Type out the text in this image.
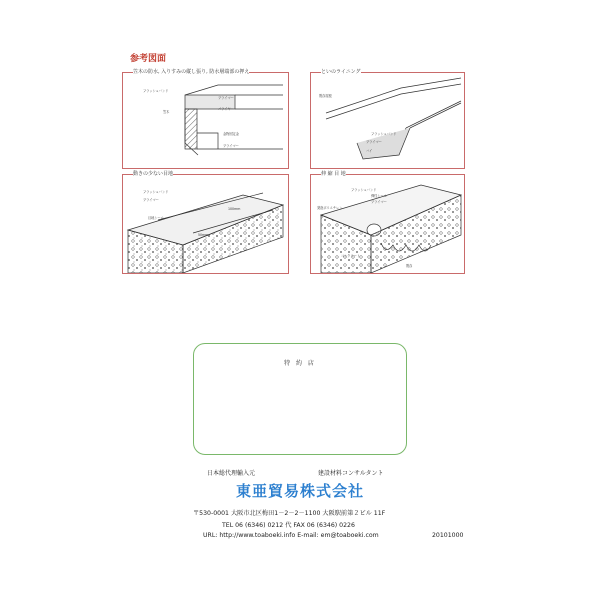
参考図面
笠木の防水, 入りすみの縦し張り, 防水層端部の押え
フラッシュバンド
プライマー
笠木
パライヤー
金物固定金
プライマー
といのライニング
既存屋根
フラッシュバンド
プライマー
バイ
動きの少ない目地
フラッシュバンド
プライマー
100mm
目地シール
50mm
伸 縮 目 地
フラッシュバンド
弾性シール
プライマー
発泡ポリエチレン
コンクリート
既存
特 約 店
日本総代理輸入元	建設材料コンサルタント
東亜貿易株式会社
〒530-0001 大阪市北区梅田1－2－2－1100 大阪駅前第２ビル 11F
TEL 06 (6346) 0212 代 FAX 06 (6346) 0226
URL: http://www.toaboeki.info E-mail: em@toaboeki.com	20101000
